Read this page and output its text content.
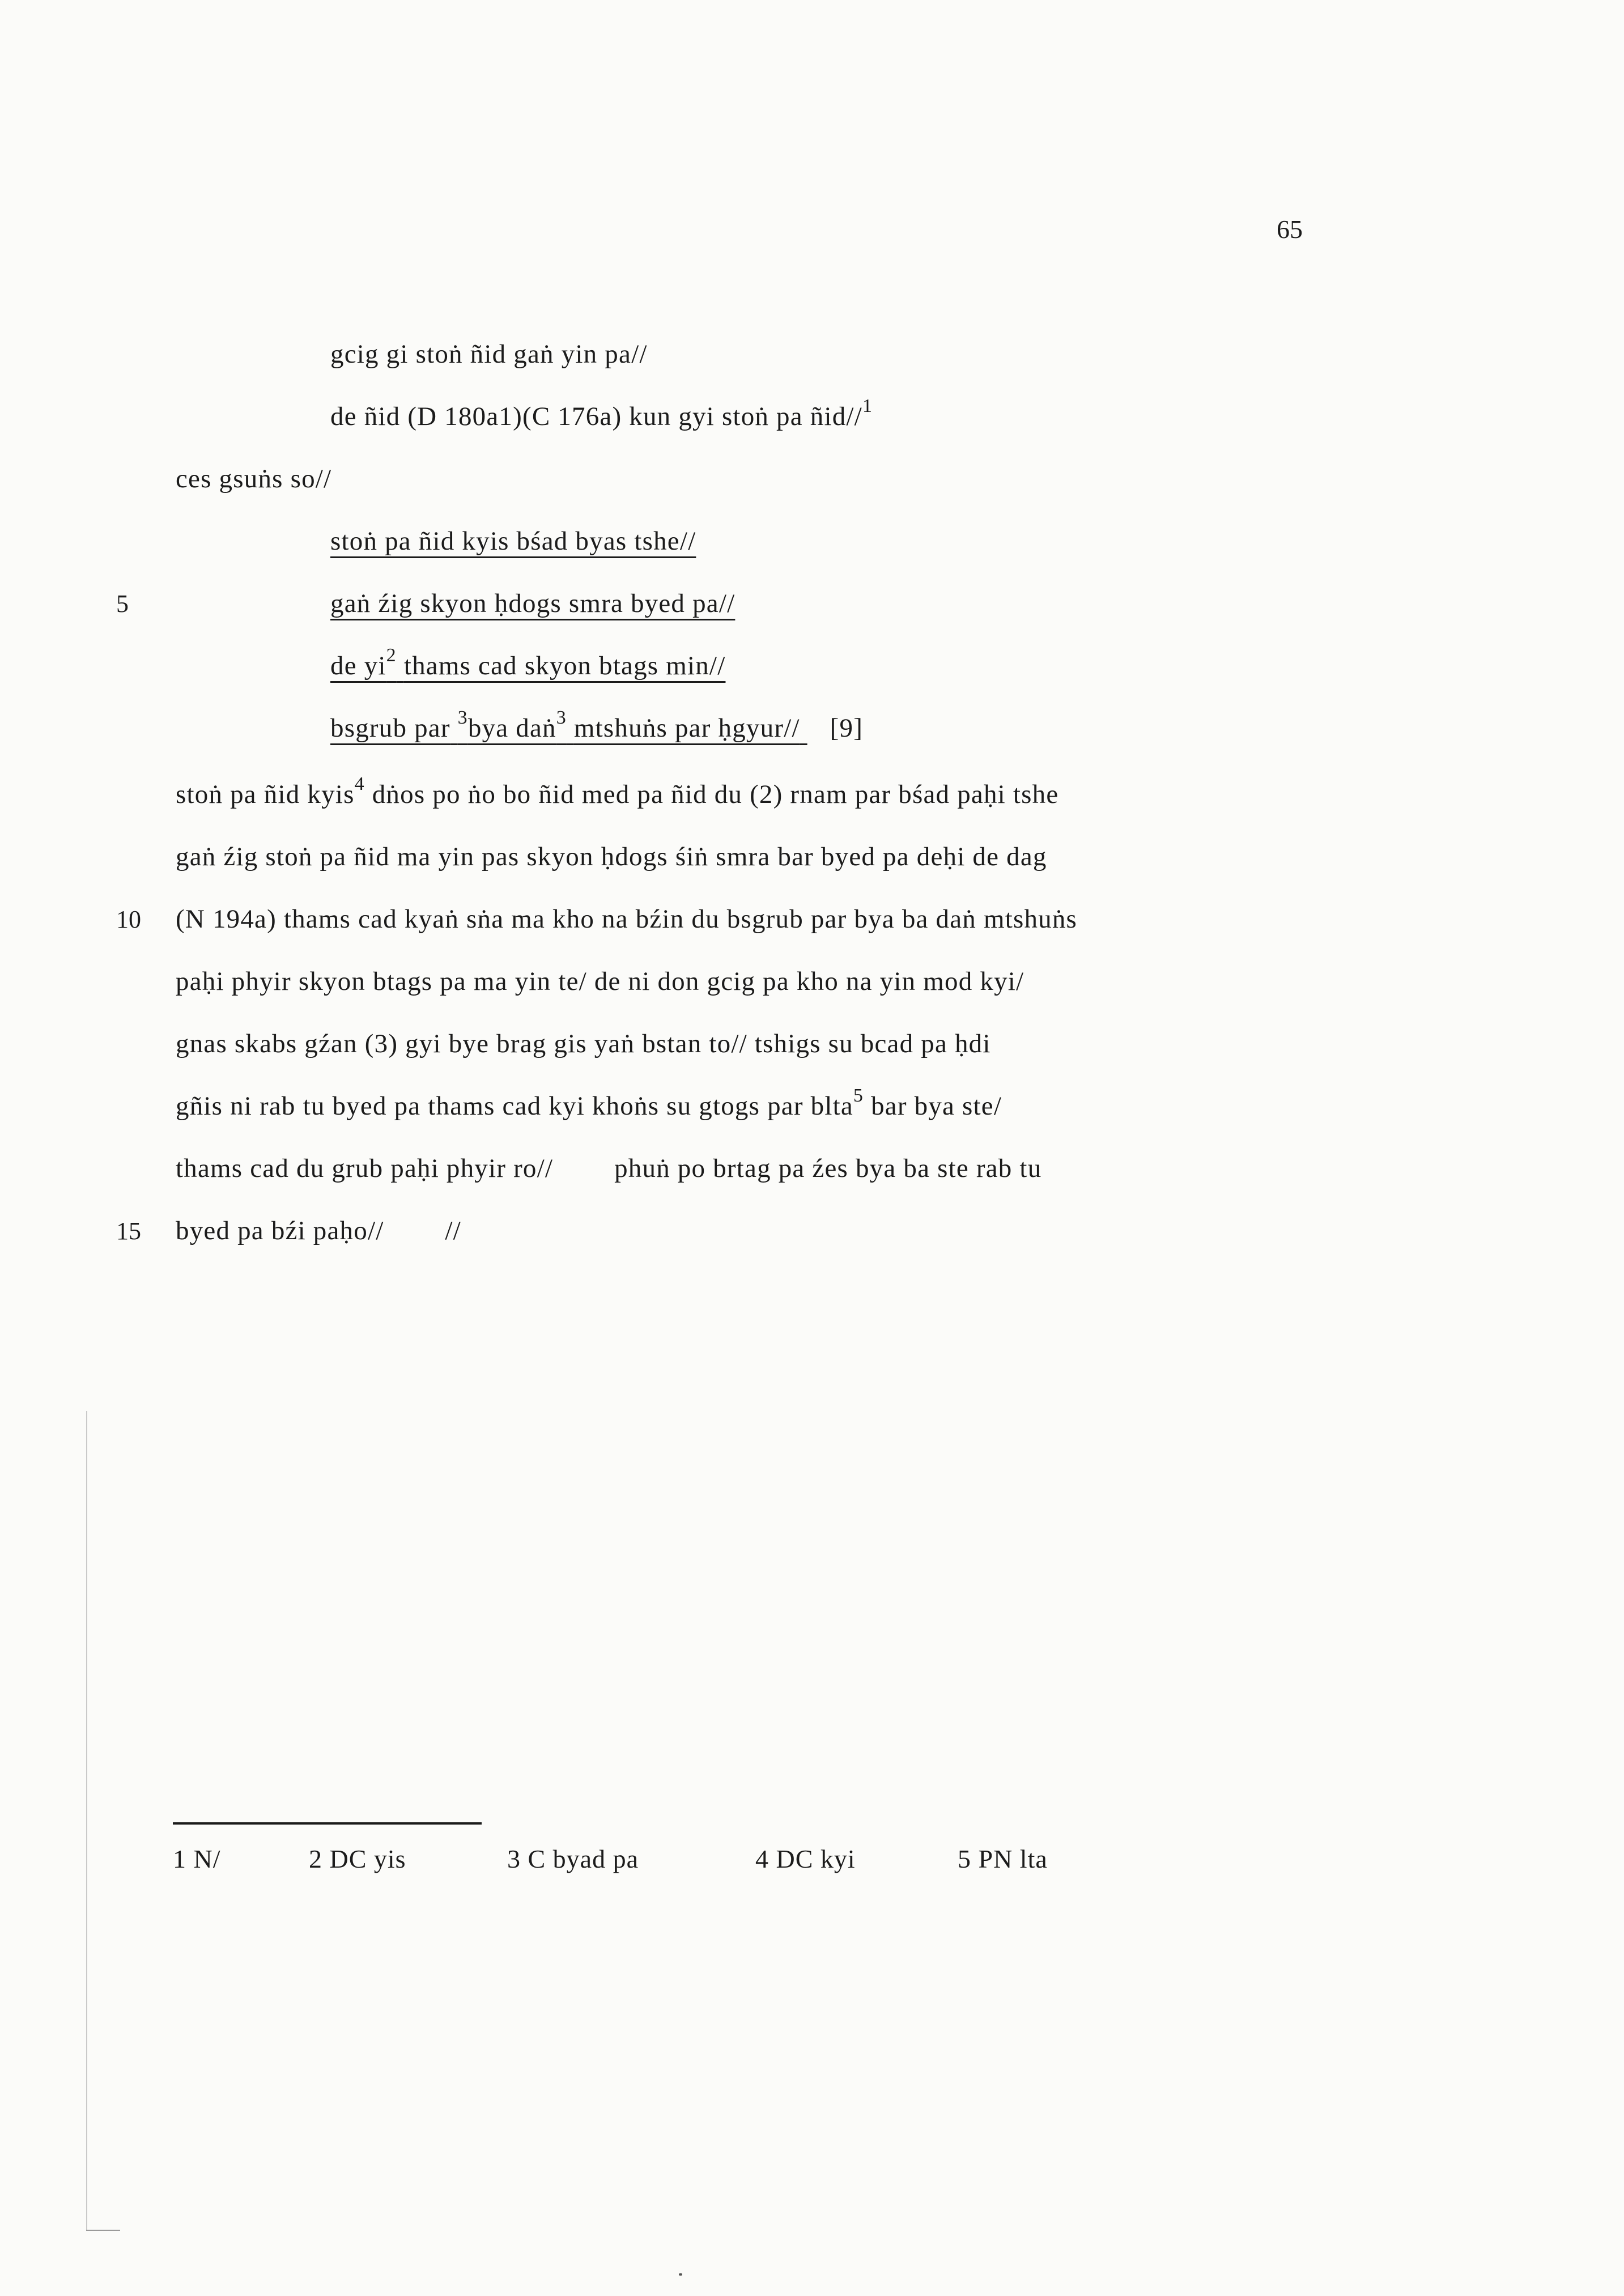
65
gcig gi stoṅ ñid gaṅ yin pa//
de ñid (D 180a1)(C 176a) kun gyi stoṅ pa ñid//$^1$
ces gsuṅs so//
stoṅ pa ñid kyis bśad byas tshe//
5	gaṅ źig skyon ḥdogs smra byed pa//
de $yi^2$ thams cad skyon btags min//
bsgrub par $^3$bya daṅ$^3$ mtshuṅs par ḥgyur// [9]
stoṅ pa ñid kyis$^4$ dṅos po ṅo bo ñid med pa ñid du (2) rnam par bśad paḥi tshe
gaṅ źig stoṅ pa ñid ma yin pas skyon ḥdogs śiṅ smra bar byed pa deḥi de dag
10	(N 194a) thams cad kyaṅ sṅa ma kho na bźin du bsgrub par bya ba daṅ mtshuṅs
paḥi phyir skyon btags pa ma yin te/ de ni don gcig pa kho na yin mod kyi/
gnas skabs gźan (3) gyi bye brag gis yaṅ bstan to// tshigs su bcad pa ḥdi
gñis ni rab tu byed pa thams cad kyi khoṅs su gtogs par blta$^5$ bar bya ste/
thams cad du grub paḥi phyir ro// phuṅ po brtag pa źes bya ba ste rab tu
15	byed pa bźi paḥo// //
1 N/	2 DC yis	3 C byad pa	4 DC kyi	5 PN lta
